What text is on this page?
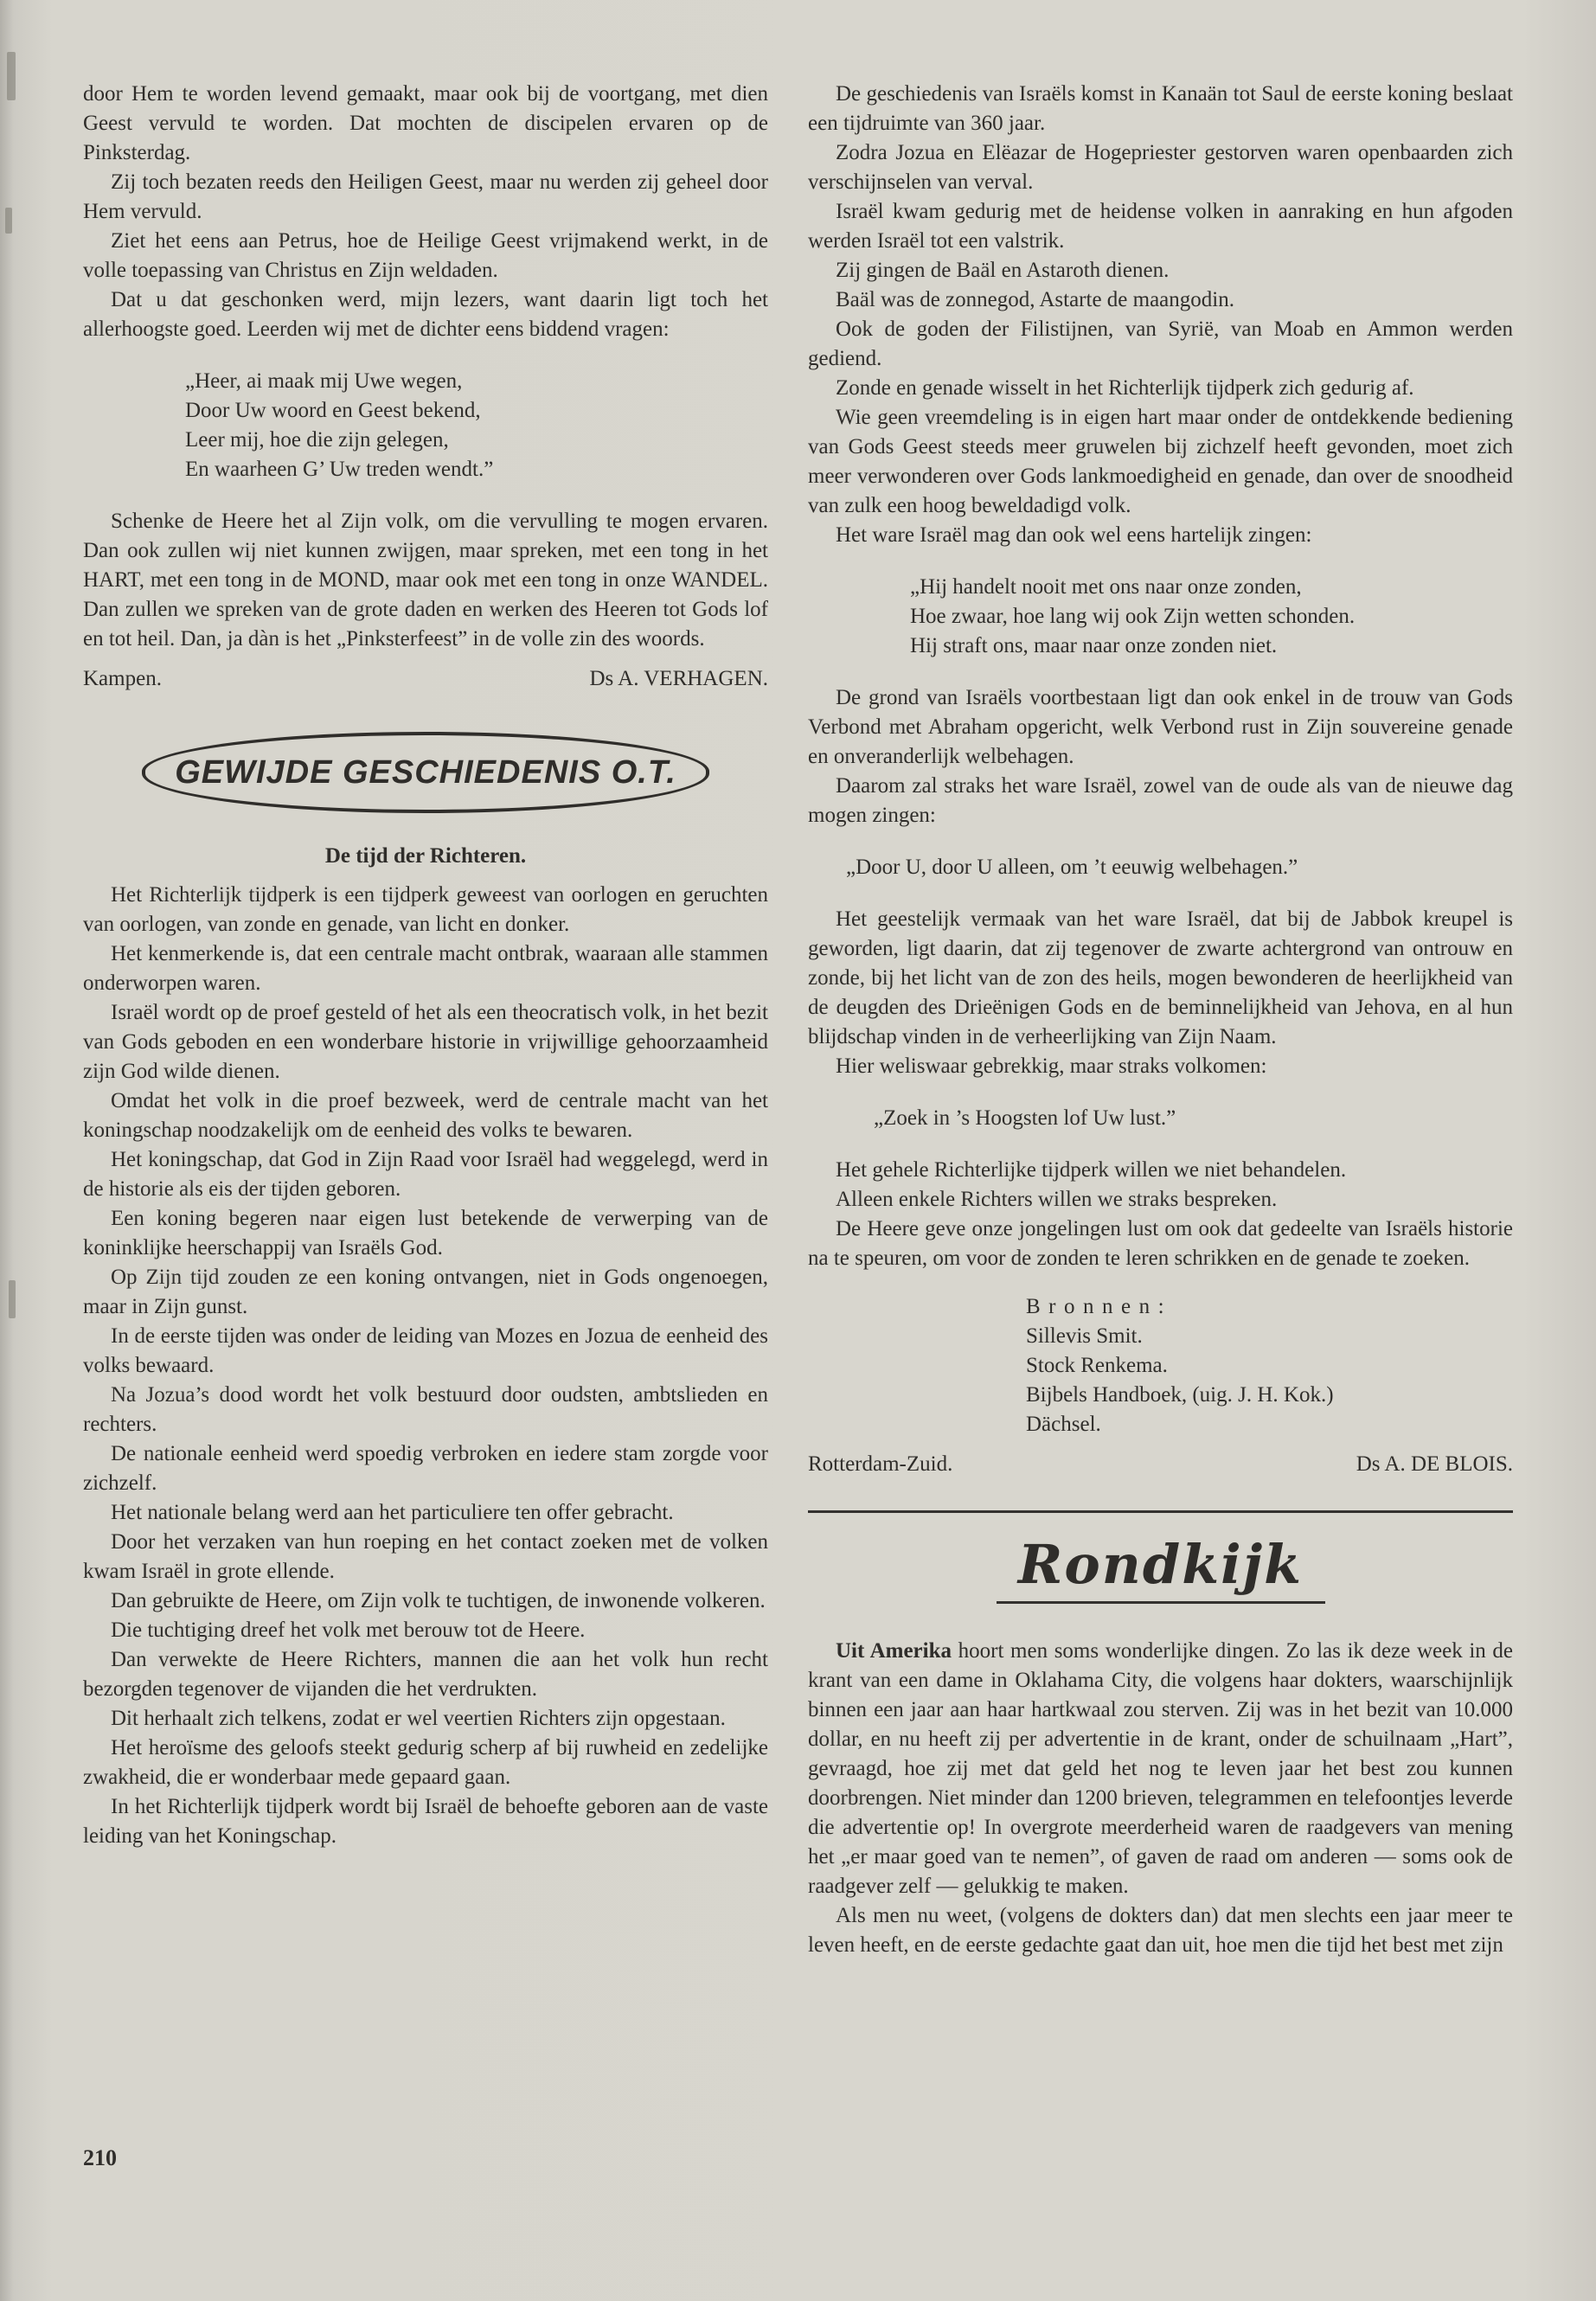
door Hem te worden levend gemaakt, maar ook bij de voortgang, met dien Geest vervuld te worden. Dat mochten de discipelen ervaren op de Pinksterdag.

Zij toch bezaten reeds den Heiligen Geest, maar nu werden zij geheel door Hem vervuld.

Ziet het eens aan Petrus, hoe de Heilige Geest vrijmakend werkt, in de volle toepassing van Christus en Zijn weldaden.

Dat u dat geschonken werd, mijn lezers, want daarin ligt toch het allerhoogste goed. Leerden wij met de dichter eens biddend vragen:

„Heer, ai maak mij Uwe wegen,
Door Uw woord en Geest bekend,
Leer mij, hoe die zijn gelegen,
En waarheen G’ Uw treden wendt.”

Schenke de Heere het al Zijn volk, om die vervulling te mogen ervaren. Dan ook zullen wij niet kunnen zwijgen, maar spreken, met een tong in het HART, met een tong in de MOND, maar ook met een tong in onze WANDEL. Dan zullen we spreken van de grote daden en werken des Heeren tot Gods lof en tot heil. Dan, ja dàn is het „Pinksterfeest” in de volle zin des woords.

Kampen.	Ds A. VERHAGEN.
GEWIJDE GESCHIEDENIS O.T.
De tijd der Richteren.

Het Richterlijk tijdperk is een tijdperk geweest van oorlogen en geruchten van oorlogen, van zonde en genade, van licht en donker.

Het kenmerkende is, dat een centrale macht ontbrak, waaraan alle stammen onderworpen waren.

Israël wordt op de proef gesteld of het als een theocratisch volk, in het bezit van Gods geboden en een wonderbare historie in vrijwillige gehoorzaamheid zijn God wilde dienen.

Omdat het volk in die proef bezweek, werd de centrale macht van het koningschap noodzakelijk om de eenheid des volks te bewaren.

Het koningschap, dat God in Zijn Raad voor Israël had weggelegd, werd in de historie als eis der tijden geboren.

Een koning begeren naar eigen lust betekende de verwerping van de koninklijke heerschappij van Israëls God.

Op Zijn tijd zouden ze een koning ontvangen, niet in Gods ongenoegen, maar in Zijn gunst.

In de eerste tijden was onder de leiding van Mozes en Jozua de eenheid des volks bewaard.

Na Jozua’s dood wordt het volk bestuurd door oudsten, ambtslieden en rechters.

De nationale eenheid werd spoedig verbroken en iedere stam zorgde voor zichzelf.

Het nationale belang werd aan het particuliere ten offer gebracht.

Door het verzaken van hun roeping en het contact zoeken met de volken kwam Israël in grote ellende.

Dan gebruikte de Heere, om Zijn volk te tuchtigen, de inwonende volkeren.

Die tuchtiging dreef het volk met berouw tot de Heere.

Dan verwekte de Heere Richters, mannen die aan het volk hun recht bezorgden tegenover de vijanden die het verdrukten.

Dit herhaalt zich telkens, zodat er wel veertien Richters zijn opgestaan.

Het heroïsme des geloofs steekt gedurig scherp af bij ruwheid en zedelijke zwakheid, die er wonderbaar mede gepaard gaan.

In het Richterlijk tijdperk wordt bij Israël de behoefte geboren aan de vaste leiding van het Koningschap.

De geschiedenis van Israëls komst in Kanaän tot Saul de eerste koning beslaat een tijdruimte van 360 jaar.

Zodra Jozua en Elëazar de Hogepriester gestorven waren openbaarden zich verschijnselen van verval.

Israël kwam gedurig met de heidense volken in aanraking en hun afgoden werden Israël tot een valstrik.

Zij gingen de Baäl en Astaroth dienen.

Baäl was de zonnegod, Astarte de maangodin.

Ook de goden der Filistijnen, van Syrië, van Moab en Ammon werden gediend.

Zonde en genade wisselt in het Richterlijk tijdperk zich gedurig af.

Wie geen vreemdeling is in eigen hart maar onder de ontdekkende bediening van Gods Geest steeds meer gruwelen bij zichzelf heeft gevonden, moet zich meer verwonderen over Gods lankmoedigheid en genade, dan over de snoodheid van zulk een hoog beweldadigd volk.

Het ware Israël mag dan ook wel eens hartelijk zingen:

„Hij handelt nooit met ons naar onze zonden,
Hoe zwaar, hoe lang wij ook Zijn wetten schonden.
Hij straft ons, maar naar onze zonden niet.

De grond van Israëls voortbestaan ligt dan ook enkel in de trouw van Gods Verbond met Abraham opgericht, welk Verbond rust in Zijn souvereine genade en onveranderlijk welbehagen.

Daarom zal straks het ware Israël, zowel van de oude als van de nieuwe dag mogen zingen:

„Door U, door U alleen, om ’t eeuwig welbehagen.”

Het geestelijk vermaak van het ware Israël, dat bij de Jabbok kreupel is geworden, ligt daarin, dat zij tegenover de zwarte achtergrond van ontrouw en zonde, bij het licht van de zon des heils, mogen bewonderen de heerlijkheid van de deugden des Drieënigen Gods en de beminnelijkheid van Jehova, en al hun blijdschap vinden in de verheerlijking van Zijn Naam.

Hier weliswaar gebrekkig, maar straks volkomen:

„Zoek in ’s Hoogsten lof Uw lust.”

Het gehele Richterlijke tijdperk willen we niet behandelen.

Alleen enkele Richters willen we straks bespreken.

De Heere geve onze jongelingen lust om ook dat gedeelte van Israëls historie na te speuren, om voor de zonden te leren schrikken en de genade te zoeken.

Bronnen:
Sillevis Smit.
Stock Renkema.
Bijbels Handboek, (uig. J. H. Kok.)
Dächsel.
Rotterdam-Zuid.	Ds A. DE BLOIS.
Rondkijk

Uit Amerika hoort men soms wonderlijke dingen. Zo las ik deze week in de krant van een dame in Oklahama City, die volgens haar dokters, waarschijnlijk binnen een jaar aan haar hartkwaal zou sterven. Zij was in het bezit van 10.000 dollar, en nu heeft zij per advertentie in de krant, onder de schuilnaam „Hart”, gevraagd, hoe zij met dat geld het nog te leven jaar het best zou kunnen doorbrengen. Niet minder dan 1200 brieven, telegrammen en telefoontjes leverde die advertentie op! In overgrote meerderheid waren de raadgevers van mening het „er maar goed van te nemen”, of gaven de raad om anderen — soms ook de raadgever zelf — gelukkig te maken.

Als men nu weet, (volgens de dokters dan) dat men slechts een jaar meer te leven heeft, en de eerste gedachte gaat dan uit, hoe men die tijd het best met zijn

210
